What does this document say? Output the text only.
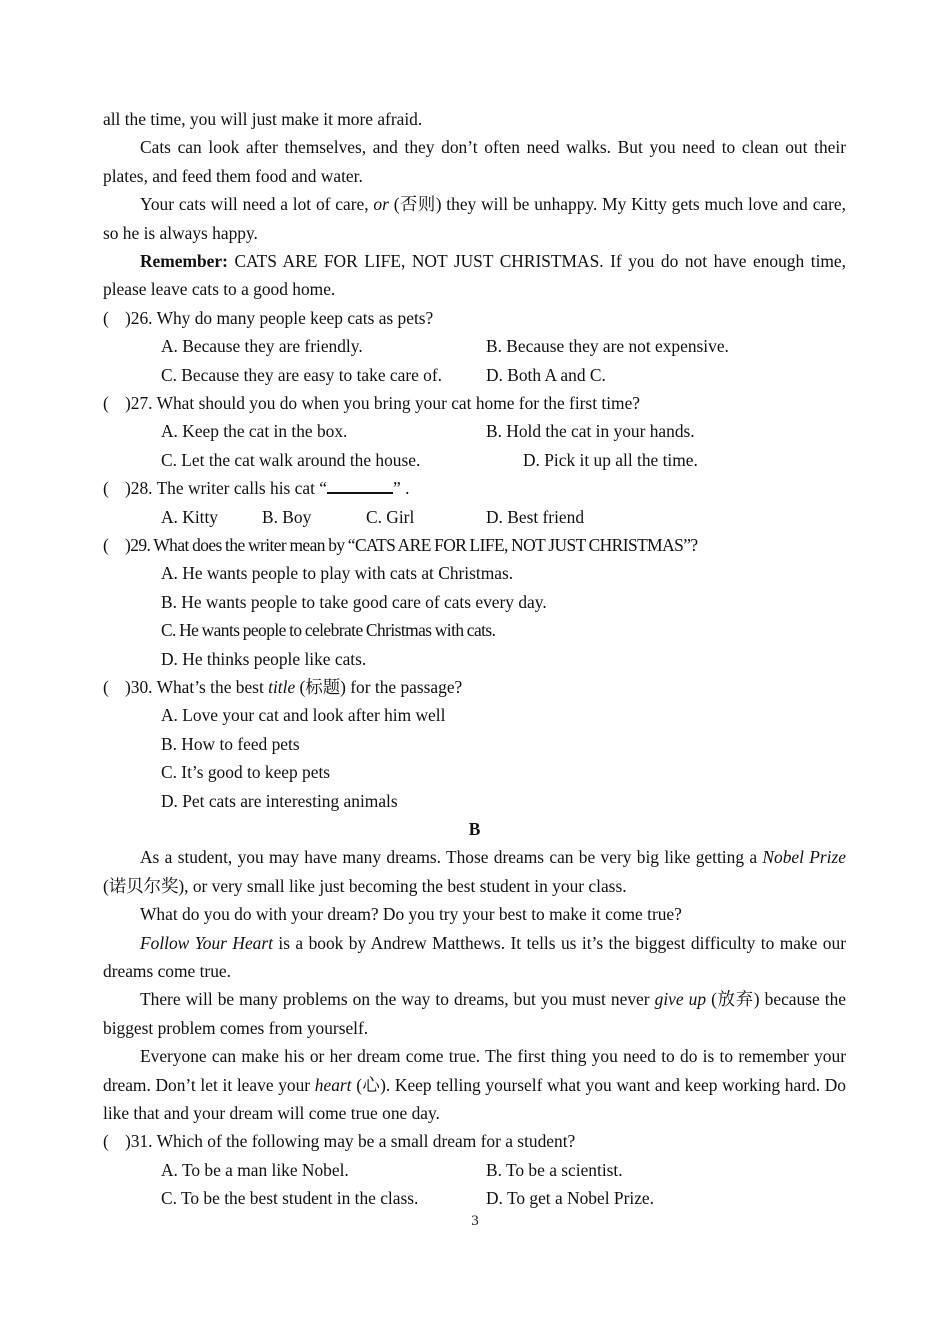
all the time, you will just make it more afraid.

Cats can look after themselves, and they don’t often need walks. But you need to clean out their plates, and feed them food and water.

Your cats will need a lot of care, or (否则) they will be unhappy. My Kitty gets much love and care, so he is always happy.

Remember: CATS ARE FOR LIFE, NOT JUST CHRISTMAS. If you do not have enough time, please leave cats to a good home.

( )26. Why do many people keep cats as pets?

A. Because they are friendly.	B. Because they are not expensive.
C. Because they are easy to take care of.	D. Both A and C.

( )27. What should you do when you bring your cat home for the first time?

A. Keep the cat in the box.	B. Hold the cat in your hands.
C. Let the cat walk around the house.	D. Pick it up all the time.

( )28. The writer calls his cat “	” .

A. Kitty	B. Boy	D. Best friend
C. Girl

( )29. What does the writer mean by “CATS ARE FOR LIFE, NOT JUST CHRISTMAS”?

A. He wants people to play with cats at Christmas.
B. He wants people to take good care of cats every day.
C. He wants people to celebrate Christmas with cats.
D. He thinks people like cats.

( )30. What’s the best title (标题) for the passage?

A. Love your cat and look after him well
B. How to feed pets
C. It’s good to keep pets
D. Pet cats are interesting animals

B

As a student, you may have many dreams. Those dreams can be very big like getting a Nobel Prize (诺贝尔奖), or very small like just becoming the best student in your class.

What do you do with your dream? Do you try your best to make it come true?

Follow Your Heart is a book by Andrew Matthews. It tells us it’s the biggest difficulty to make our dreams come true.

There will be many problems on the way to dreams, but you must never give up (放弃) because the biggest problem comes from yourself.

Everyone can make his or her dream come true. The first thing you need to do is to remember your dream. Don’t let it leave your heart (心). Keep telling yourself what you want and keep working hard. Do like that and your dream will come true one day.

( )31. Which of the following may be a small dream for a student?

A. To be a man like Nobel.	B. To be a scientist.
C. To be the best student in the class.	D. To get a Nobel Prize.
3
